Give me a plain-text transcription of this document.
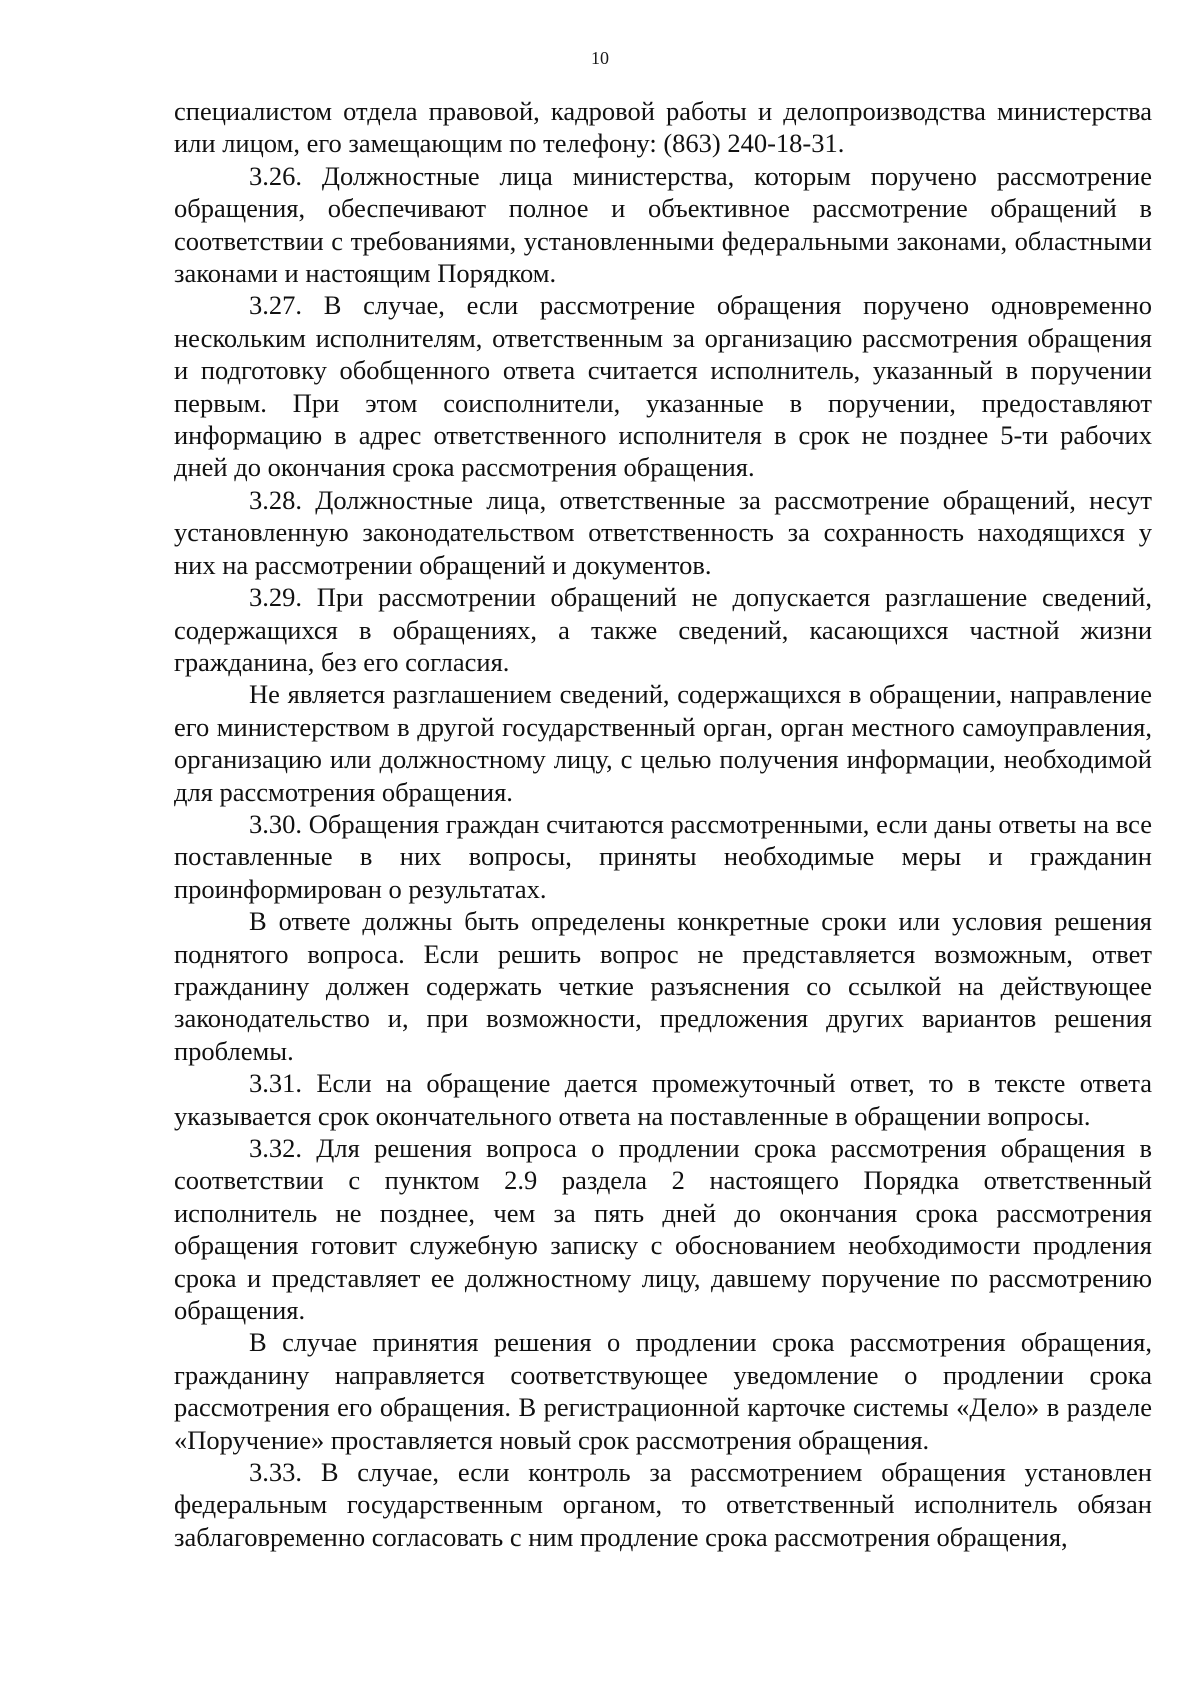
10

специалистом отдела правовой, кадровой работы и делопроизводства министерства или лицом, его замещающим по телефону: (863) 240-18-31.

3.26. Должностные лица министерства, которым поручено рассмотрение обращения, обеспечивают полное и объективное рассмотрение обращений в соответствии с требованиями, установленными федеральными законами, областными законами и настоящим Порядком.

3.27. В случае, если рассмотрение обращения поручено одновременно нескольким исполнителям, ответственным за организацию рассмотрения обращения и подготовку обобщенного ответа считается исполнитель, указанный в поручении первым. При этом соисполнители, указанные в поручении, предоставляют информацию в адрес ответственного исполнителя в срок не позднее 5-ти рабочих дней до окончания срока рассмотрения обращения.

3.28. Должностные лица, ответственные за рассмотрение обращений, несут установленную законодательством ответственность за сохранность находящихся у них на рассмотрении обращений и документов.

3.29. При рассмотрении обращений не допускается разглашение сведений, содержащихся в обращениях, а также сведений, касающихся частной жизни гражданина, без его согласия.

Не является разглашением сведений, содержащихся в обращении, направление его министерством в другой государственный орган, орган местного самоуправления, организацию или должностному лицу, с целью получения информации, необходимой для рассмотрения обращения.

3.30. Обращения граждан считаются рассмотренными, если даны ответы на все поставленные в них вопросы, приняты необходимые меры и гражданин проинформирован о результатах.

В ответе должны быть определены конкретные сроки или условия решения поднятого вопроса. Если решить вопрос не представляется возможным, ответ гражданину должен содержать четкие разъяснения со ссылкой на действующее законодательство и, при возможности, предложения других вариантов решения проблемы.

3.31. Если на обращение дается промежуточный ответ, то в тексте ответа указывается срок окончательного ответа на поставленные в обращении вопросы.

3.32. Для решения вопроса о продлении срока рассмотрения обращения в соответствии с пунктом 2.9 раздела 2 настоящего Порядка ответственный исполнитель не позднее, чем за пять дней до окончания срока рассмотрения обращения готовит служебную записку с обоснованием необходимости продления срока и представляет ее должностному лицу, давшему поручение по рассмотрению обращения.

В случае принятия решения о продлении срока рассмотрения обращения, гражданину направляется соответствующее уведомление о продлении срока рассмотрения его обращения. В регистрационной карточке системы «Дело» в разделе «Поручение» проставляется новый срок рассмотрения обращения.

3.33. В случае, если контроль за рассмотрением обращения установлен федеральным государственным органом, то ответственный исполнитель обязан заблаговременно согласовать с ним продление срока рассмотрения обращения,
